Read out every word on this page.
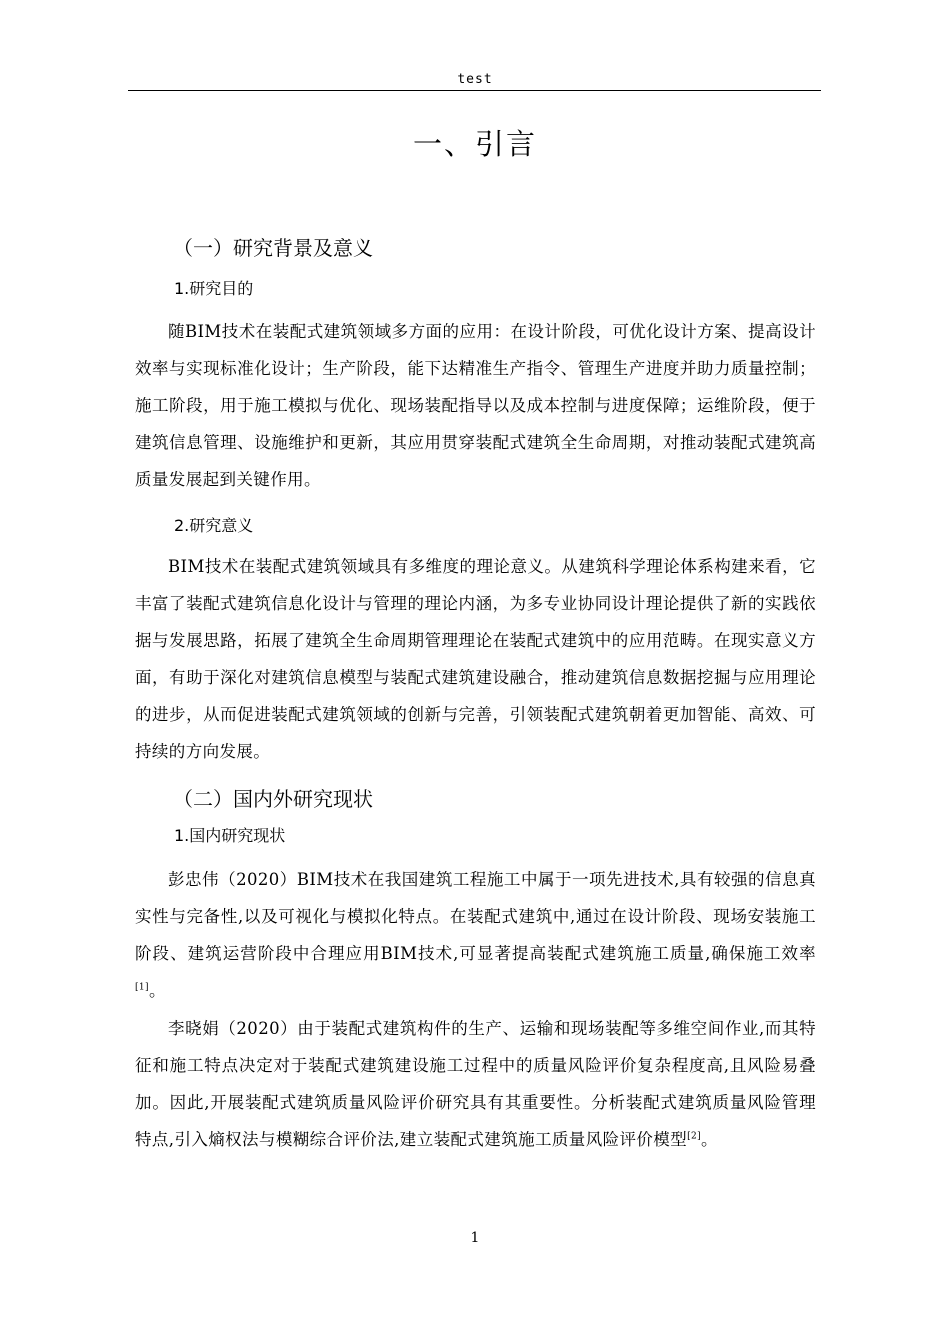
test
一、引言
（一）研究背景及意义
1.研究目的

随BIM技术在装配式建筑领域多方面的应用：在设计阶段，可优化设计方案、提高设计效率与实现标准化设计；生产阶段，能下达精准生产指令、管理生产进度并助力质量控制；施工阶段，用于施工模拟与优化、现场装配指导以及成本控制与进度保障；运维阶段，便于建筑信息管理、设施维护和更新，其应用贯穿装配式建筑全生命周期，对推动装配式建筑高质量发展起到关键作用。

2.研究意义

BIM技术在装配式建筑领域具有多维度的理论意义。从建筑科学理论体系构建来看，它丰富了装配式建筑信息化设计与管理的理论内涵，为多专业协同设计理论提供了新的实践依据与发展思路，拓展了建筑全生命周期管理理论在装配式建筑中的应用范畴。在现实意义方面，有助于深化对建筑信息模型与装配式建筑建设融合，推动建筑信息数据挖掘与应用理论的进步，从而促进装配式建筑领域的创新与完善，引领装配式建筑朝着更加智能、高效、可持续的方向发展。

（二）国内外研究现状
1.国内研究现状

彭忠伟（2020）BIM技术在我国建筑工程施工中属于一项先进技术,具有较强的信息真实性与完备性,以及可视化与模拟化特点。在装配式建筑中,通过在设计阶段、现场安装施工阶段、建筑运营阶段中合理应用BIM技术,可显著提高装配式建筑施工质量,确保施工效率[1]。

李晓娟（2020）由于装配式建筑构件的生产、运输和现场装配等多维空间作业,而其特征和施工特点决定对于装配式建筑建设施工过程中的质量风险评价复杂程度高,且风险易叠加。因此,开展装配式建筑质量风险评价研究具有其重要性。分析装配式建筑质量风险管理特点,引入熵权法与模糊综合评价法,建立装配式建筑施工质量风险评价模型[2]。

1
